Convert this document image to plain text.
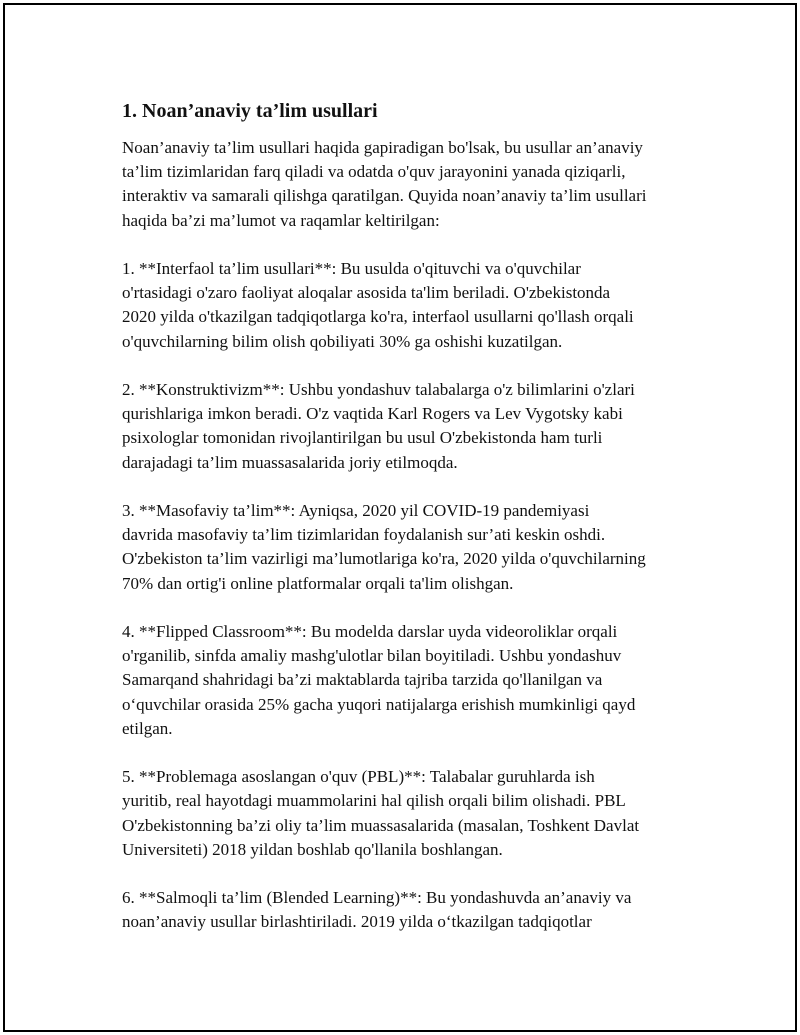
1. Noan’anaviy ta’lim usullari

Noan’anaviy ta’lim usullari haqida gapiradigan bo'lsak, bu usullar an’anaviy
ta’lim tizimlaridan farq qiladi va odatda o'quv jarayonini yanada qiziqarli,
interaktiv va samarali qilishga qaratilgan. Quyida noan’anaviy ta’lim usullari
haqida ba’zi ma’lumot va raqamlar keltirilgan:

1. **Interfaol ta’lim usullari**: Bu usulda o'qituvchi va o'quvchilar
o'rtasidagi o'zaro faoliyat aloqalar asosida ta'lim beriladi. O'zbekistonda
2020 yilda o'tkazilgan tadqiqotlarga ko'ra, interfaol usullarni qo'llash orqali
o'quvchilarning bilim olish qobiliyati 30% ga oshishi kuzatilgan.

2. **Konstruktivizm**: Ushbu yondashuv talabalarga o'z bilimlarini o'zlari
qurishlariga imkon beradi. O'z vaqtida Karl Rogers va Lev Vygotsky kabi
psixologlar tomonidan rivojlantirilgan bu usul O'zbekistonda ham turli
darajadagi ta’lim muassasalarida joriy etilmoqda.

3. **Masofaviy ta’lim**: Ayniqsa, 2020 yil COVID-19 pandemiyasi
davrida masofaviy ta’lim tizimlaridan foydalanish sur’ati keskin oshdi.
O'zbekiston ta’lim vazirligi ma’lumotlariga ko'ra, 2020 yilda o'quvchilarning
70% dan ortig'i online platformalar orqali ta'lim olishgan.

4. **Flipped Classroom**: Bu modelda darslar uyda videoroliklar orqali
o'rganilib, sinfda amaliy mashg'ulotlar bilan boyitiladi. Ushbu yondashuv
Samarqand shahridagi ba’zi maktablarda tajriba tarzida qo'llanilgan va
o‘quvchilar orasida 25% gacha yuqori natijalarga erishish mumkinligi qayd
etilgan.

5. **Problemaga asoslangan o'quv (PBL)**: Talabalar guruhlarda ish
yuritib, real hayotdagi muammolarini hal qilish orqali bilim olishadi. PBL
O'zbekistonning ba’zi oliy ta’lim muassasalarida (masalan, Toshkent Davlat
Universiteti) 2018 yildan boshlab qo'llanila boshlangan.

6. **Salmoqli ta’lim (Blended Learning)**: Bu yondashuvda an’anaviy va
noan’anaviy usullar birlashtiriladi. 2019 yilda o‘tkazilgan tadqiqotlar
